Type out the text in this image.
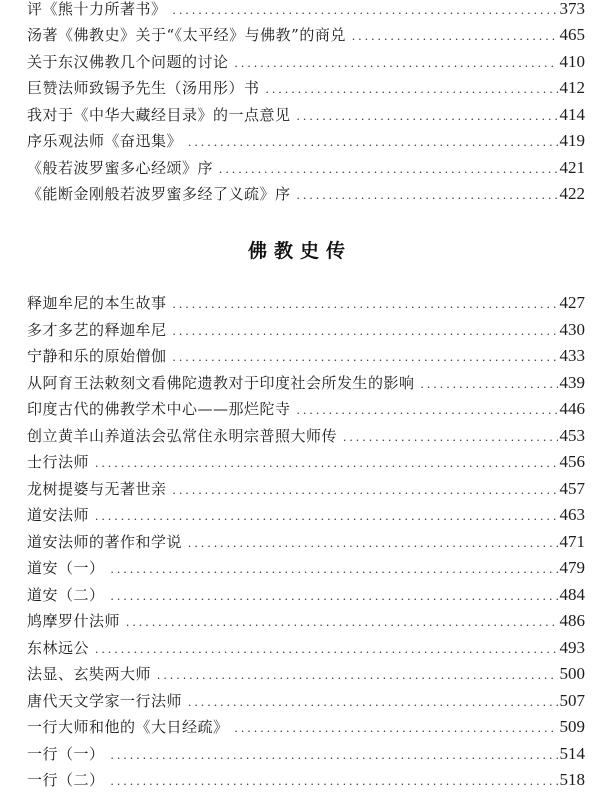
评《熊十力所著书》 .....	373
汤著《佛教史》关于“《太平经》与佛教”的商兑 .....	465
关于东汉佛教几个问题的讨论 .....	410
巨赞法师致锡予先生（汤用彤）书 .....	412
我对于《中华大藏经目录》的一点意见 .....	414
序乐观法师《奋迅集》 .....	419
《般若波罗蜜多心经颂》序 .....	421
《能断金刚般若波罗蜜多经了义疏》序 .....	422
佛教史传
释迦牟尼的本生故事 .....	427
多才多艺的释迦牟尼 .....	430
宁静和乐的原始僧伽 .....	433
从阿育王法敕刻文看佛陀遗教对于印度社会所发生的影响 .....	439
印度古代的佛教学术中心——那烂陀寺 .....	446
创立黄羊山养道法会弘常住永明宗普照大师传 .....	453
士行法师 .....	456
龙树提婆与无著世亲 .....	457
道安法师 .....	463
道安法师的著作和学说 .....	471
道安（一） .....	479
道安（二） .....	484
鸠摩罗什法师 .....	486
东林远公 .....	493
法显、玄奘两大师 .....	500
唐代天文学家一行法师 .....	507
一行大师和他的《大日经疏》 .....	509
一行（一） .....	514
一行（二） .....	518
